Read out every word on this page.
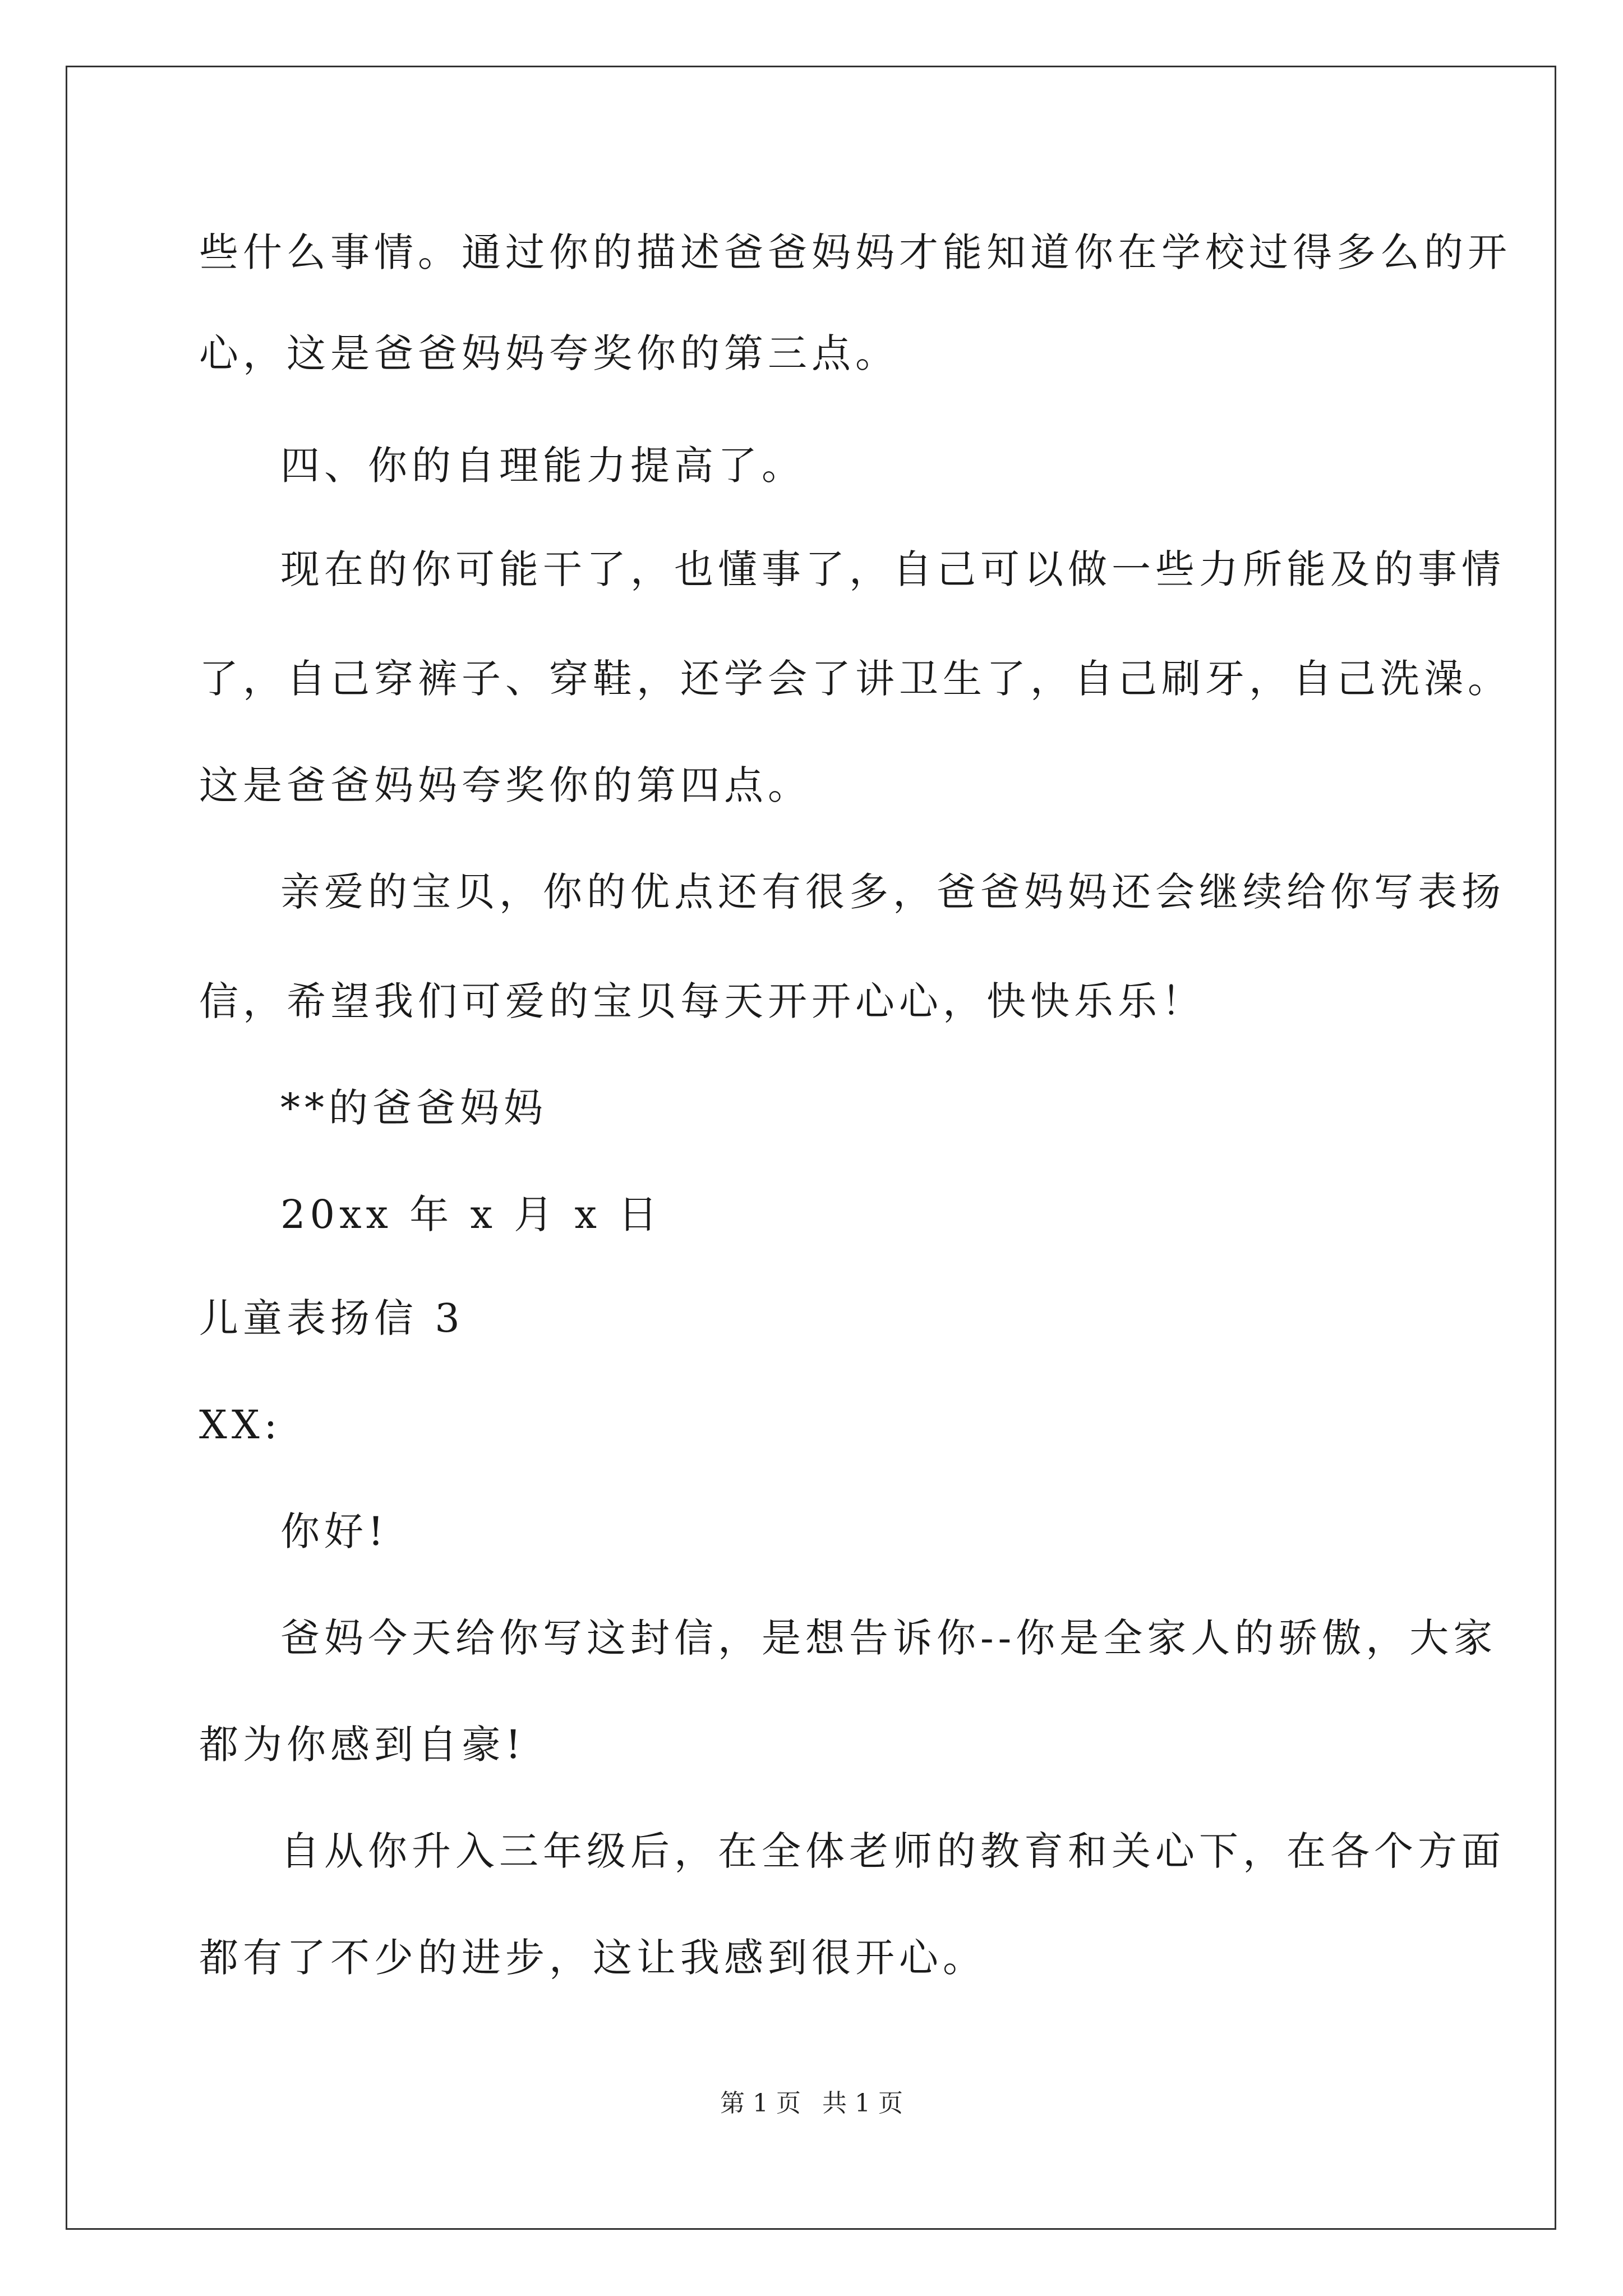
些什么事情。通过你的描述爸爸妈妈才能知道你在学校过得多么的开
心，这是爸爸妈妈夸奖你的第三点。
四、你的自理能力提高了。
现在的你可能干了，也懂事了，自己可以做一些力所能及的事情
了，自己穿裤子、穿鞋，还学会了讲卫生了，自己刷牙，自己洗澡。
这是爸爸妈妈夸奖你的第四点。
亲爱的宝贝，你的优点还有很多，爸爸妈妈还会继续给你写表扬
信，希望我们可爱的宝贝每天开开心心，快快乐乐！
**的爸爸妈妈
20xx 年 x 月 x 日
儿童表扬信 3
XX:
你好!
爸妈今天给你写这封信，是想告诉你--你是全家人的骄傲，大家
都为你感到自豪!
自从你升入三年级后，在全体老师的教育和关心下，在各个方面
都有了不少的进步，这让我感到很开心。
第 1 页 共 1 页
